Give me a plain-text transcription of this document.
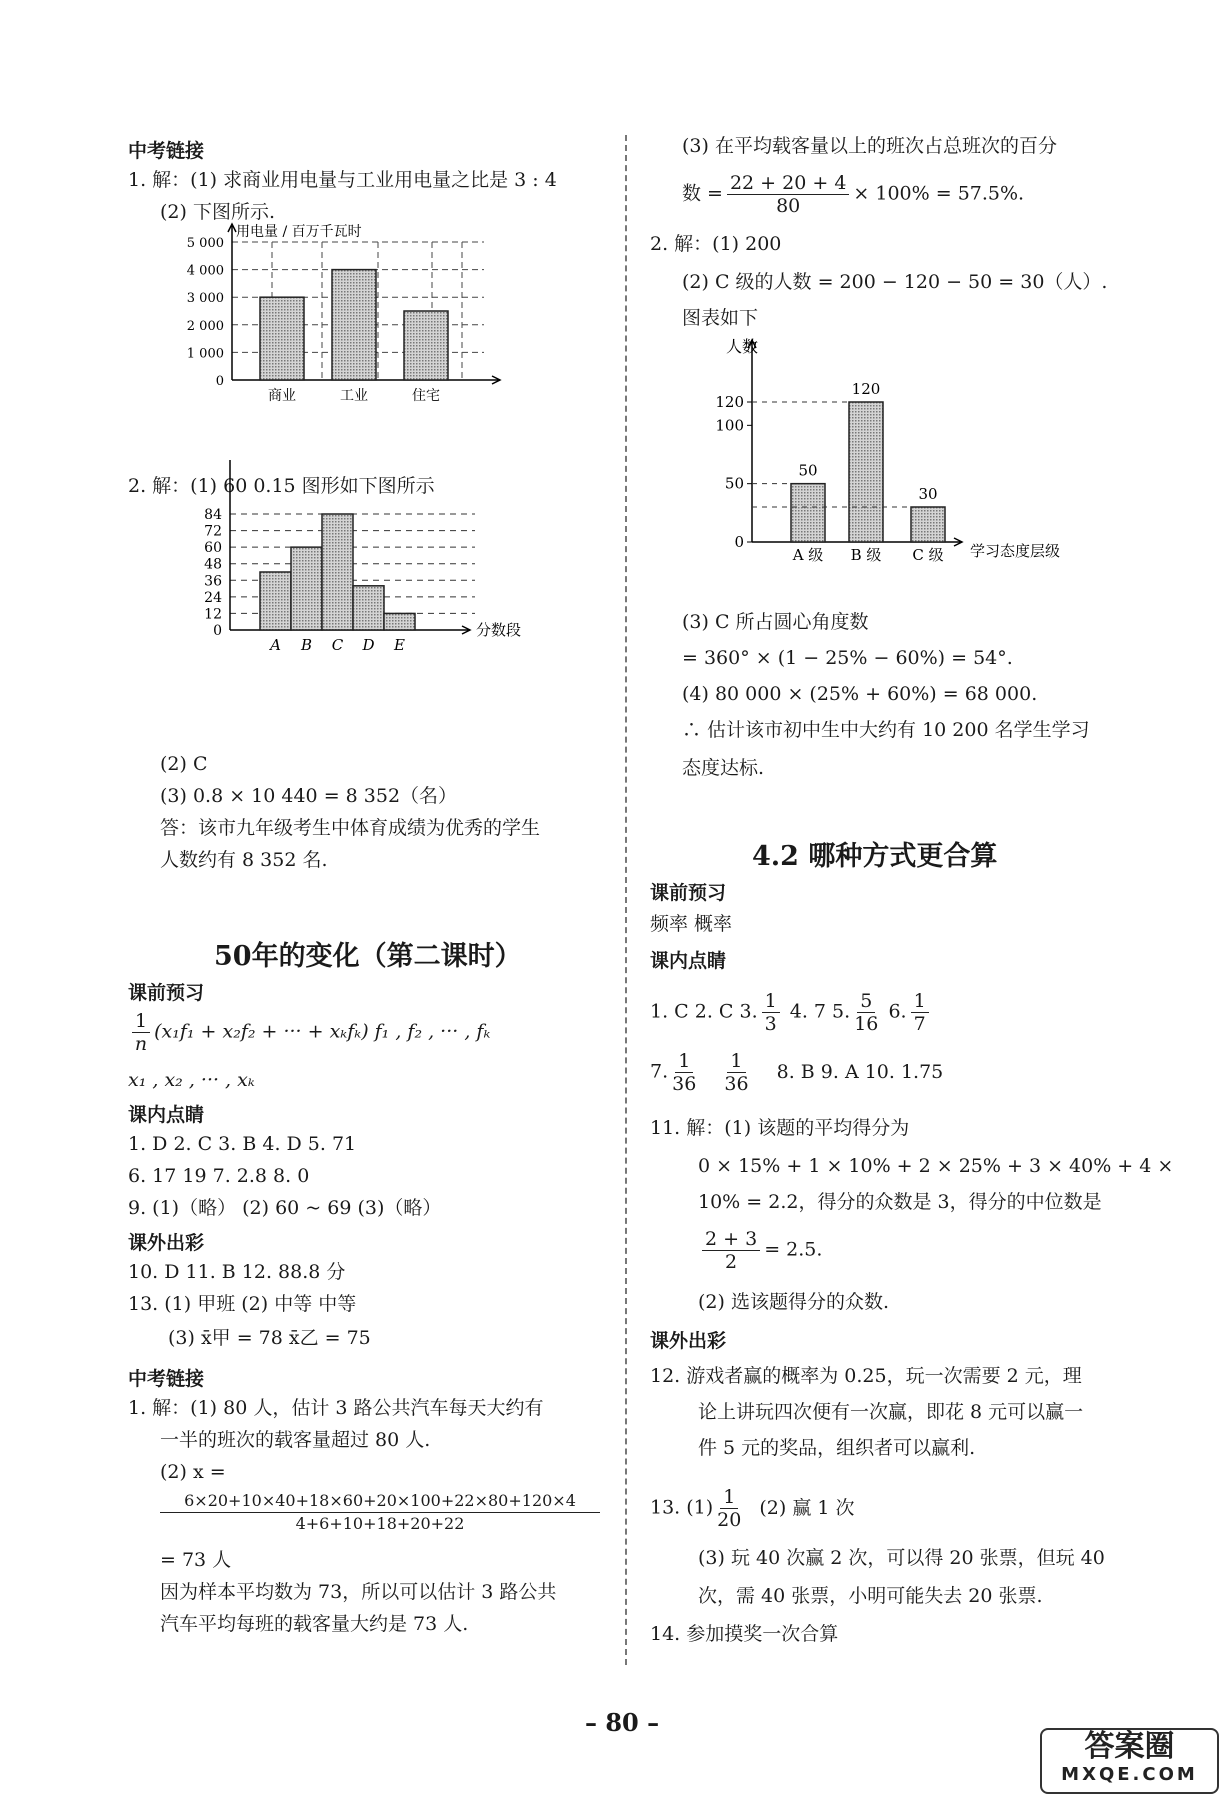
中考链接
1. 解：(1) 求商业用电量与工业用电量之比是 3 : 4
(2) 下图所示.
0
1 000
2 000
3 000
4 000
5 000
用电量 / 百万千瓦时
商业	工业	住宅
2. 解：(1) 60 0.15 图形如下图所示
0
12
24
36
48
60
72
84
分数段
A B C D E
(2) C
(3) 0.8 × 10 440 = 8 352（名）
答：该市九年级考生中体育成绩为优秀的学生
人数约有 8 352 名.
50年的变化（第二课时）
课前预习
$\frac{1}{n} (x_1f_1 + x_2f_2$ + ··· + xₖfₖ) f₁ , f₂ , ··· , fₖ
x₁ , x₂ , ··· , xₖ
课内点睛
1. D 2. C 3. B 4. D 5. 71
6. 17 19 7. 2.8 8. 0
9. (1)（略） (2) 60 ~ 69 (3)（略）
课外出彩
10. D 11. B 12. 88.8 分
13. (1) 甲班 (2) 中等 中等
(3) x̄甲 = 78 x̄乙 = 75
中考链接
1. 解：(1) 80 人，估计 3 路公共汽车每天大约有
一半的班次的载客量超过 80 人.
(2) x =
6×20+10×40+18×60+20×100+22×80+120×4
4+6+10+18+20+22
= 73 人
因为样本平均数为 73，所以可以估计 3 路公共
汽车平均每班的载客量大约是 73 人.
(3) 在平均载客量以上的班次占总班次的百分
数 = $\frac{22 + 20 + 4}{80} \times 100\% = 57.5\%$.
2. 解：(1) 200
(2) C 级的人数 = 200 − 120 − 50 = 30（人）.
图表如下
0
50
100
120
人数
学习态度层级
50
A 级
120
B 级
30
C 级
(3) C 所占圆心角度数
= 360° × (1 − 25% − 60%) = 54°.
(4) 80 000 × (25% + 60%) = 68 000.
∴ 估计该市初中生中大约有 10 200 名学生学习
态度达标.
4.2 哪种方式更合算
课前预习
频率 概率
课内点睛
1. C 2. C 3. $\frac{1}{3} 4$. 7 5. $\frac{5}{16} 6$. $\frac{1}{7}$
7. $\frac{1}{36}$
$\frac{1}{36} 8$. B 9. A 10. 1.75
11. 解：(1) 该题的平均得分为
0 × 15% + 1 × 10% + 2 × 25% + 3 × 40% + 4 ×
10% = 2.2，得分的众数是 3，得分的中位数是
$\frac{2 + 3}{2} = 2.5$.
(2) 选该题得分的众数.
课外出彩
12. 游戏者赢的概率为 0.25，玩一次需要 2 元，理
论上讲玩四次便有一次赢，即花 8 元可以赢一
件 5 元的奖品，组织者可以赢利.
13. $(1) \frac{1}{20} (2)$ 赢 1 次
(3) 玩 40 次赢 2 次，可以得 20 张票，但玩 40
次，需 40 张票，小明可能失去 20 张票.
14. 参加摸奖一次合算
– 80 –
答案圈
MXQE.COM
